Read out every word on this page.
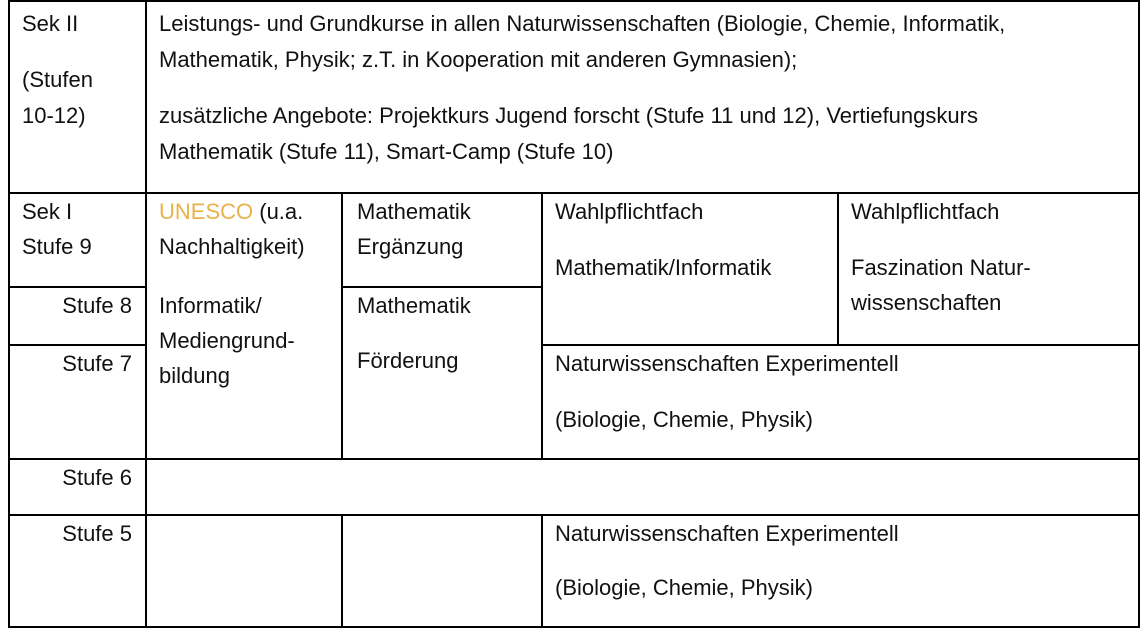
Sek II
(Stufen
10-12)
Leistungs- und Grundkurse in allen Naturwissenschaften (Biologie, Chemie, Informatik,
Mathematik, Physik; z.T. in Kooperation mit anderen Gymnasien);
zusätzliche Angebote: Projektkurs Jugend forscht (Stufe 11 und 12), Vertiefungskurs
Mathematik (Stufe 11), Smart-Camp (Stufe 10)
Sek I
Stufe 9
Stufe 8
Stufe 7
Stufe 6
Stufe 5
UNESCO (u.a.
Nachhaltigkeit)
Mathematik
Ergänzung
Wahlpflichtfach
Mathematik/Informatik
Wahlpflichtfach
Faszination Natur-
wissenschaften
Informatik/
Mediengrund-
bildung
Mathematik
Förderung	Naturwissenschaften Experimentell
(Biologie, Chemie, Physik)
Naturwissenschaften Experimentell
(Biologie, Chemie, Physik)
